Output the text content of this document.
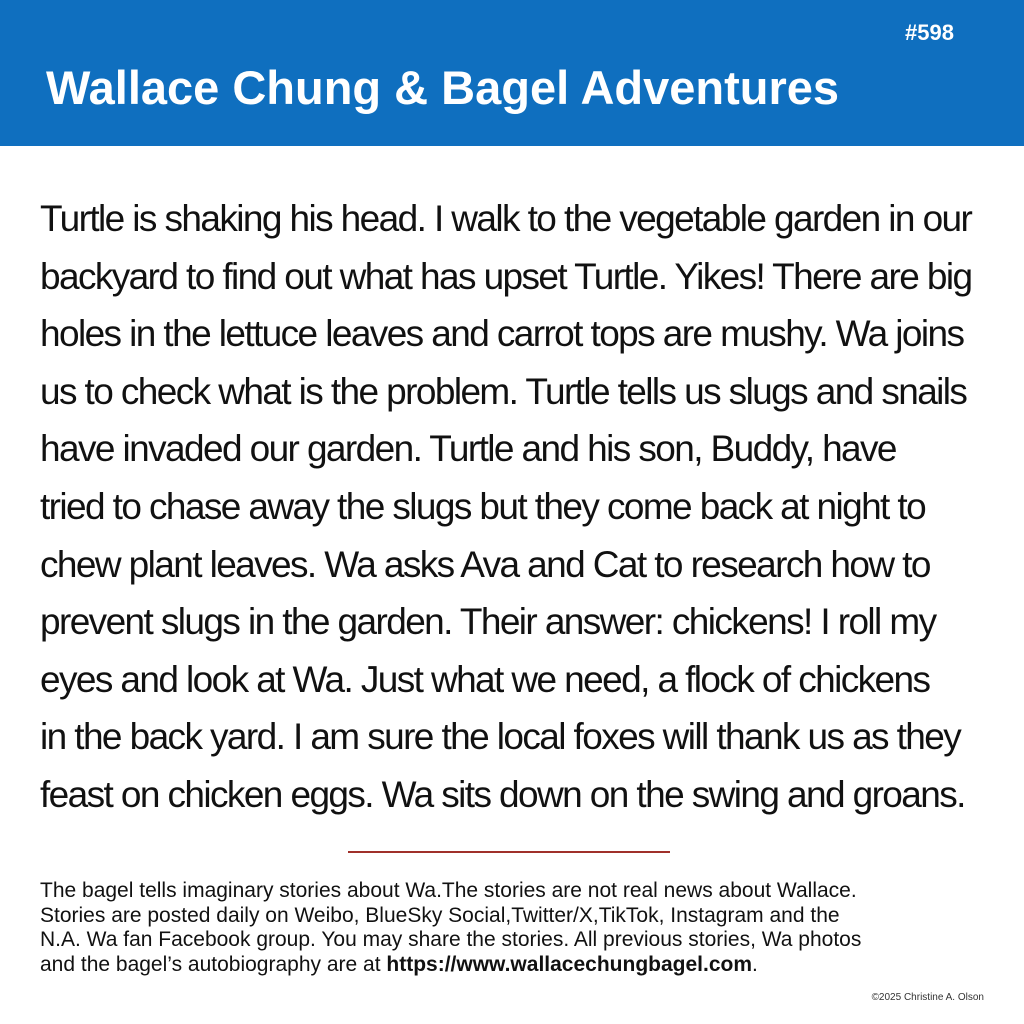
#598
Wallace Chung & Bagel Adventures
Turtle is shaking his head. I walk to the vegetable garden in our
backyard to find out what has upset Turtle. Yikes! There are big
holes in the lettuce leaves and carrot tops are mushy. Wa joins
us to check what is the problem. Turtle tells us slugs and snails
have invaded our garden. Turtle and his son, Buddy, have
tried to chase away the slugs but they come back at night to
chew plant leaves. Wa asks Ava and Cat to research how to
prevent slugs in the garden. Their answer: chickens! I roll my
eyes and look at Wa. Just what we need, a flock of chickens
in the back yard. I am sure the local foxes will thank us as they
feast on chicken eggs. Wa sits down on the swing and groans.
The bagel tells imaginary stories about Wa.The stories are not real news about Wallace.
Stories are posted daily on Weibo, BlueSky Social,Twitter/X,TikTok, Instagram and the
N.A. Wa fan Facebook group. You may share the stories. All previous stories, Wa photos
and the bagel’s autobiography are at https://www.wallacechungbagel.com.
©2025 Christine A. Olson
